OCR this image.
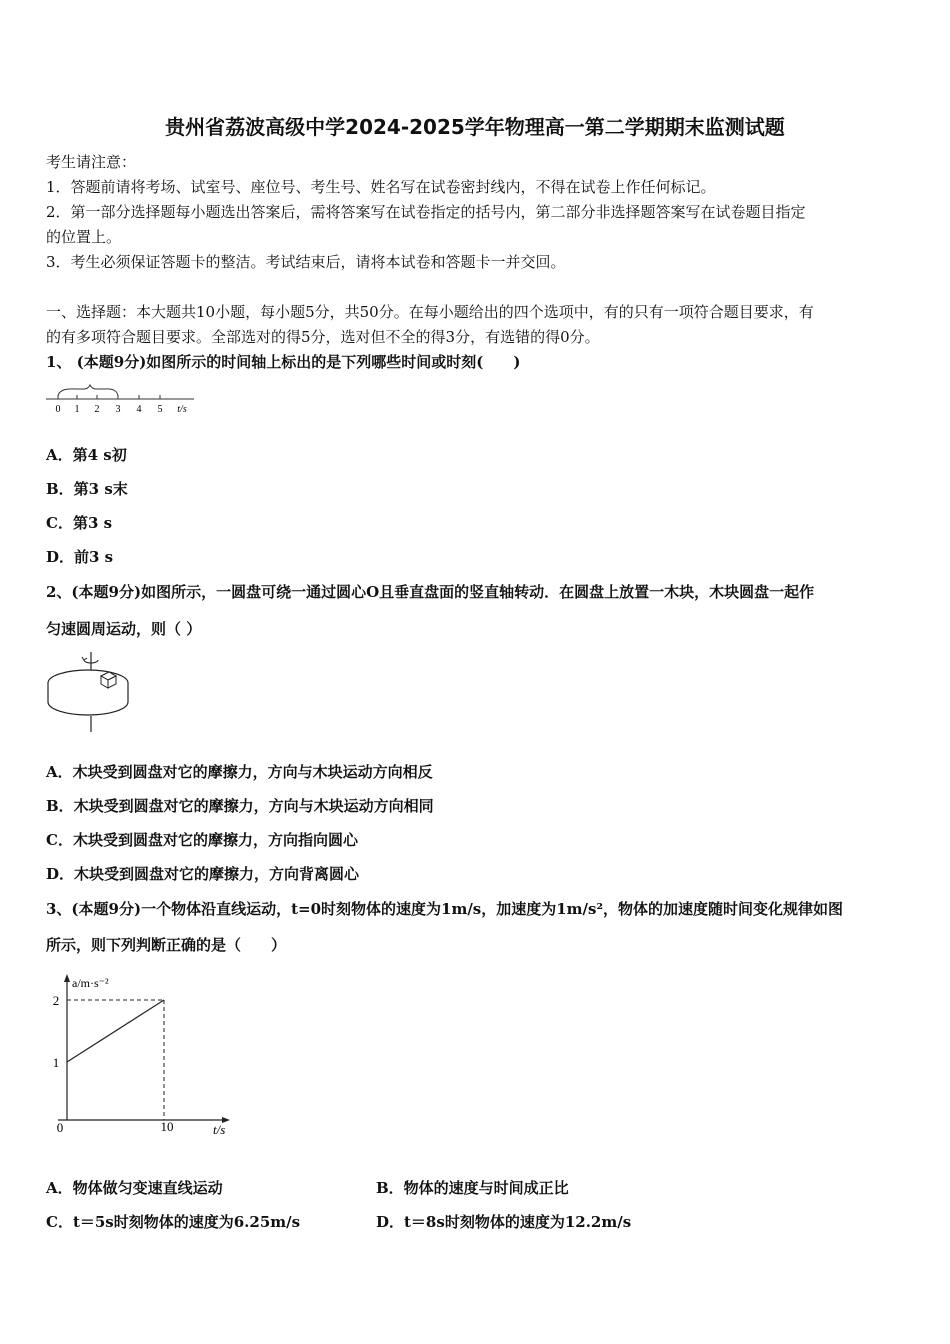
贵州省荔波高级中学2024-2025学年物理高一第二学期期末监测试题
考生请注意：
1．答题前请将考场、试室号、座位号、考生号、姓名写在试卷密封线内，不得在试卷上作任何标记。
2．第一部分选择题每小题选出答案后，需将答案写在试卷指定的括号内，第二部分非选择题答案写在试卷题目指定
的位置上。
3．考生必须保证答题卡的整洁。考试结束后，请将本试卷和答题卡一并交回。
一、选择题：本大题共10小题，每小题5分，共50分。在每小题给出的四个选项中，有的只有一项符合题目要求，有
的有多项符合题目要求。全部选对的得5分，选对但不全的得3分，有选错的得0分。
1、 (本题9分)如图所示的时间轴上标出的是下列哪些时间或时刻(　　)
0 1 2 3 4 5 t/s
A．第4 s初
B．第3 s末
C．第3 s
D．前3 s
2、(本题9分)如图所示，一圆盘可绕一通过圆心O且垂直盘面的竖直轴转动．在圆盘上放置一木块，木块圆盘一起作
匀速圆周运动，则（ ）
A．木块受到圆盘对它的摩擦力，方向与木块运动方向相反
B．木块受到圆盘对它的摩擦力，方向与木块运动方向相同
C．木块受到圆盘对它的摩擦力，方向指向圆心
D．木块受到圆盘对它的摩擦力，方向背离圆心
3、(本题9分)一个物体沿直线运动，t=0时刻物体的速度为1m/s，加速度为1m/s²，物体的加速度随时间变化规律如图
所示，则下列判断正确的是（　　）
a/m·s⁻²
2
1
0	10	t/s
A．物体做匀变速直线运动	B．物体的速度与时间成正比
C．t＝5s时刻物体的速度为6.25m/s	D．t＝8s时刻物体的速度为12.2m/s
